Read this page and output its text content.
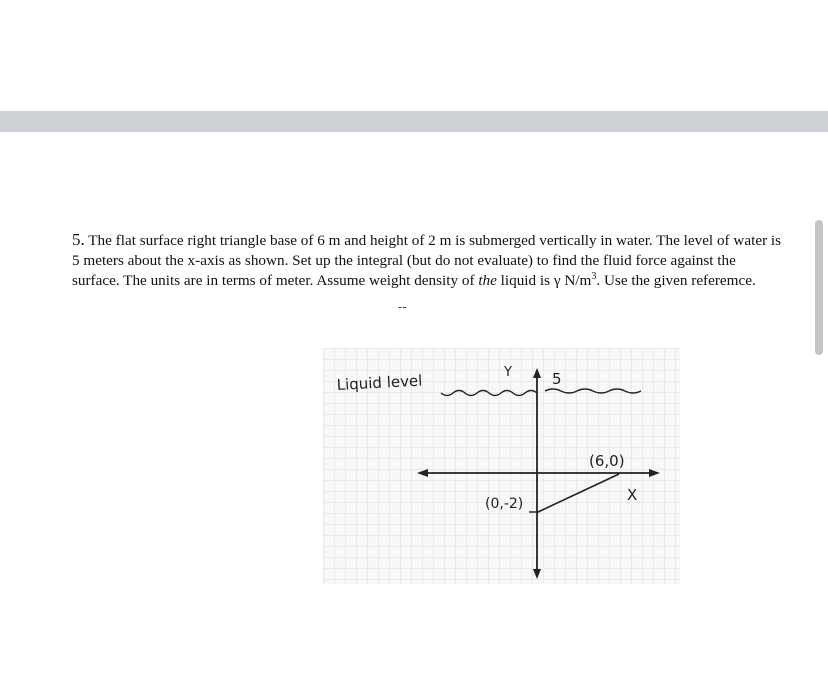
5. The flat surface right triangle base of 6 m and height of 2 m is submerged vertically in water. The level of water is 5 meters about the x-axis as shown. Set up the integral (but do not evaluate) to find the fluid force against the surface. The units are in terms of meter. Assume weight density of the liquid is γ $N/m^3$. Use the given referemce.

--
Liquid level	Y	5
(6,0)
(0,-2)	X
